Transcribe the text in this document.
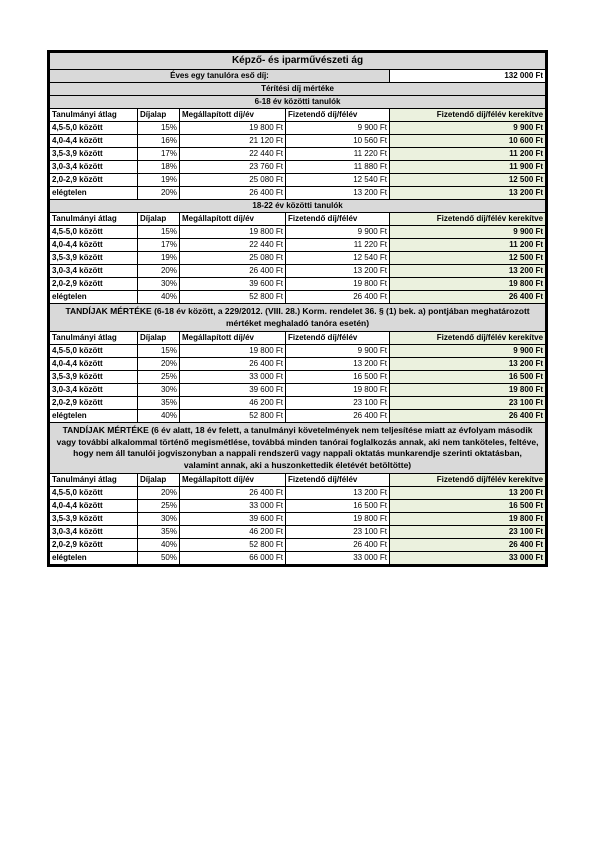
Képző- és iparművészeti ág				
Éves egy tanulóra eső díj:				132 000 Ft
Térítési díj mértéke				
6-18 év közötti tanulók				
Tanulmányi átlag	Díjalap	Megállapított díj/év	Fizetendő díj/félév	Fizetendő díj/félév kerekítve
4,5-5,0 között	15%	19 800 Ft	9 900 Ft	9 900 Ft
4,0-4,4 között	16%	21 120 Ft	10 560 Ft	10 600 Ft
3,5-3,9 között	17%	22 440 Ft	11 220 Ft	11 200 Ft
3,0-3,4 között	18%	23 760 Ft	11 880 Ft	11 900 Ft
2,0-2,9 között	19%	25 080 Ft	12 540 Ft	12 500 Ft
elégtelen	20%	26 400 Ft	13 200 Ft	13 200 Ft
18-22 év közötti tanulók				
Tanulmányi átlag	Díjalap	Megállapított díj/év	Fizetendő díj/félév	Fizetendő díj/félév kerekítve
4,5-5,0 között	15%	19 800 Ft	9 900 Ft	9 900 Ft
4,0-4,4 között	17%	22 440 Ft	11 220 Ft	11 200 Ft
3,5-3,9 között	19%	25 080 Ft	12 540 Ft	12 500 Ft
3,0-3,4 között	20%	26 400 Ft	13 200 Ft	13 200 Ft
2,0-2,9 között	30%	39 600 Ft	19 800 Ft	19 800 Ft
elégtelen	40%	52 800 Ft	26 400 Ft	26 400 Ft
TANDÍJAK MÉRTÉKE (6-18 év között, a 229/2012. (VIII. 28.) Korm. rendelet 36. § (1) bek. a) pontjában meghatározott mértéket meghaladó tanóra esetén)				
Tanulmányi átlag	Díjalap	Megállapított díj/év	Fizetendő díj/félév	Fizetendő díj/félév kerekítve
4,5-5,0 között	15%	19 800 Ft	9 900 Ft	9 900 Ft
4,0-4,4 között	20%	26 400 Ft	13 200 Ft	13 200 Ft
3,5-3,9 között	25%	33 000 Ft	16 500 Ft	16 500 Ft
3,0-3,4 között	30%	39 600 Ft	19 800 Ft	19 800 Ft
2,0-2,9 között	35%	46 200 Ft	23 100 Ft	23 100 Ft
elégtelen	40%	52 800 Ft	26 400 Ft	26 400 Ft
TANDÍJAK MÉRTÉKE (6 év alatt, 18 év felett, a tanulmányi követelmények nem teljesítése miatt az évfolyam második vagy további alkalommal történő megismétlése, továbbá minden tanórai foglalkozás annak, aki nem tanköteles, feltéve, hogy nem áll tanulói jogviszonyban a nappali rendszerű vagy nappali oktatás munkarendje szerinti oktatásban, valamint annak, aki a huszonkettedik életévét betöltötte)				
Tanulmányi átlag	Díjalap	Megállapított díj/év	Fizetendő díj/félév	Fizetendő díj/félév kerekítve
4,5-5,0 között	20%	26 400 Ft	13 200 Ft	13 200 Ft
4,0-4,4 között	25%	33 000 Ft	16 500 Ft	16 500 Ft
3,5-3,9 között	30%	39 600 Ft	19 800 Ft	19 800 Ft
3,0-3,4 között	35%	46 200 Ft	23 100 Ft	23 100 Ft
2,0-2,9 között	40%	52 800 Ft	26 400 Ft	26 400 Ft
elégtelen	50%	66 000 Ft	33 000 Ft	33 000 Ft
